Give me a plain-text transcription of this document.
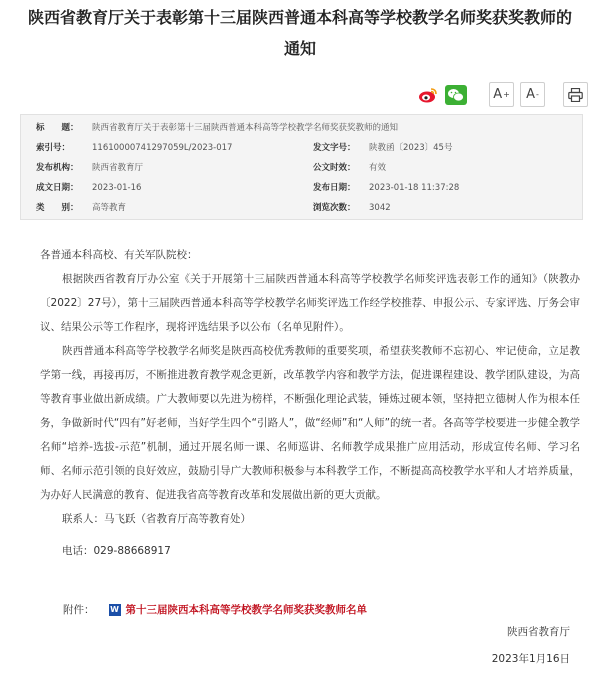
陕西省教育厅关于表彰第十三届陕西普通本科高等学校教学名师奖获奖教师的
通知
A + A -
标　　题： 陕西省教育厅关于表彰第十三届陕西普通本科高等学校教学名师奖获奖教师的通知
索引号：	11610000741297059L/2023-017	发文字号： 陕教函〔2023〕45号
发布机构： 陕西省教育厅	公文时效： 有效
成文日期： 2023-01-16	发布日期： 2023-01-18 11:37:28
类　　别： 高等教育	浏览次数： 3042

各普通本科高校、有关军队院校：

根据陕西省教育厅办公室《关于开展第十三届陕西普通本科高等学校教学名师奖评选表彰工作的通知》（陕教办〔2022〕27号），第十三届陕西普通本科高等学校教学名师奖评选工作经学校推荐、申报公示、专家评选、厅务会审议、结果公示等工作程序，现将评选结果予以公布（名单见附件）。

陕西普通本科高等学校教学名师奖是陕西高校优秀教师的重要奖项，希望获奖教师不忘初心、牢记使命，立足教学第一线，再接再厉，不断推进教育教学观念更新，改革教学内容和教学方法，促进课程建设、教学团队建设，为高等教育事业做出新成绩。广大教师要以先进为榜样，不断强化理论武装，锤炼过硬本领，坚持把立德树人作为根本任务，争做新时代“四有”好老师，当好学生四个“引路人”，做“经师”和“人师”的统一者。各高等学校要进一步健全教学名师“培养-选拔-示范”机制，通过开展名师一课、名师巡讲、名师教学成果推广应用活动，形成宣传名师、学习名师、名师示范引领的良好效应，鼓励引导广大教师积极参与本科教学工作，不断提高高校教学水平和人才培养质量，为办好人民满意的教育、促进我省高等教育改革和发展做出新的更大贡献。

联系人：马飞跃（省教育厅高等教育处）

电话：029-88668917

附件： W 第十三届陕西本科高等学校教学名师奖获奖教师名单
陕西省教育厅
2023年1月16日
